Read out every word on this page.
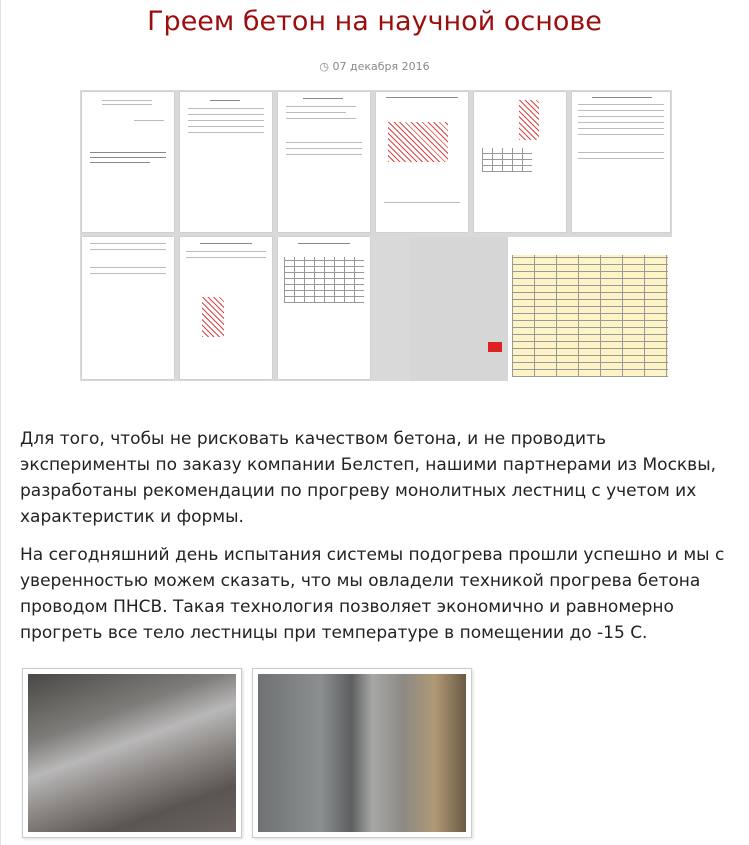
Греем бетон на научной основе
◷ 07 декабря 2016

Для того, чтобы не рисковать качеством бетона, и не проводить эксперименты по заказу компании Белстеп, нашими партнерами из Москвы, разработаны рекомендации по прогреву монолитных лестниц с учетом их характеристик и формы.

На сегодняшний день испытания системы подогрева прошли успешно и мы с уверенностью можем сказать, что мы овладели техникой прогрева бетона проводом ПНСВ. Такая технология позволяет экономично и равномерно прогреть все тело лестницы при температуре в помещении до -15 С.
